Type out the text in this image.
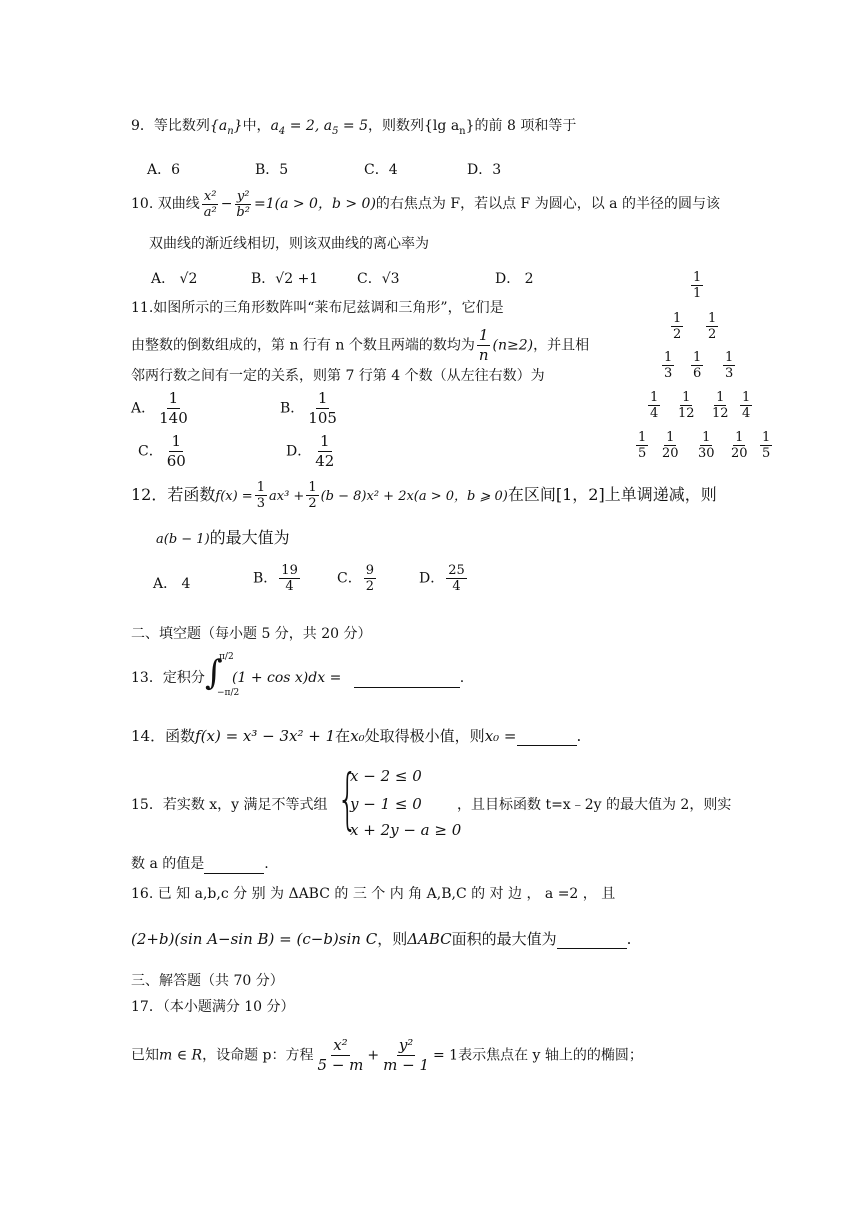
9．等比数列$\{a_n\}$中，$a_4 = 2$, $a_5 = 5$，则数列{lg $a_n$}的前 8 项和等于
A．6	B．5	C．4	D．3
10. 双曲线 $\frac{\text{x²}}{\text{a²}} - \frac{\text{y²}}{\text{b²}} =1(a > 0$，b > 0)的右焦点为 F，若以点 F 为圆心，以 a 的半径的圆与该
双曲线的渐近线相切，则该双曲线的离心率为
A． √2	B．√2 +1	C．√3	D． 2
11.如图所示的三角形数阵叫“莱布尼兹调和三角形”，它们是
由整数的倒数组成的，第 n 行有 n 个数且两端的数均为 $\frac{1}{n} (n\ge 2)$，并且相
邻两行数之间有一定的关系，则第 7 行第 4 个数（从左往右数）为
A． $\frac{1}{140}$	B． $\frac{1}{105}$
C． $\frac{1}{60}$	D． $\frac{1}{42}$
$\frac{1}{1}$
$\frac{1}{2} \frac{1}{2}$
$\frac{1}{3} \frac{1}{6} \frac{1}{3}$
$\frac{1}{4} \frac{1}{12} \frac{1}{12} \frac{1}{4}$
$\frac{1}{5} \frac{1}{20} \frac{1}{30} \frac{1}{20} \frac{1}{5}$
12．若函数$f(x) = \frac{1}{3} ax^3 + \frac{1}{2} (b - 8)x^2 + 2x(a > 0$，b ⩾ 0)在区间[1，2]上单调递减，则
a(b − 1)的最大值为
A． 4	B． $\frac{19}{4}$	C． $\frac{9}{2}$	D． $\frac{25}{4}$
二、填空题（每小题 5 分，共 20 分）
13．定积分 ∫
π/2
−π/2
(1 + cos x)dx =	.
14．函数f(x) = x³ − 3x² + 1在x₀处取得极小值，则x₀ =	.
15．若实数 x，y 满足不等式组 {
x − 2 ≤ 0
y − 1 ≤ 0
x + 2y − a ≥ 0
，且目标函数 t=x﹣2y 的最大值为 2，则实
数 a 的值是	.
16. 已 知 a,b,c 分 别 为 ΔABC 的 三 个 内 角 A,B,C 的 对 边 ， a =2 ， 且
(2+b)(sin A−sin B) = (c−b)sin C，则ΔABC面积的最大值为	.
三、解答题（共 70 分）
17．（本小题满分 10 分）
已知m ∈ R，设命题 p：方程 $\frac{\text{x²}}{5 - m} + \frac{\text{y²}}{m - 1} = 1$表示焦点在 y 轴上的的椭圆；
